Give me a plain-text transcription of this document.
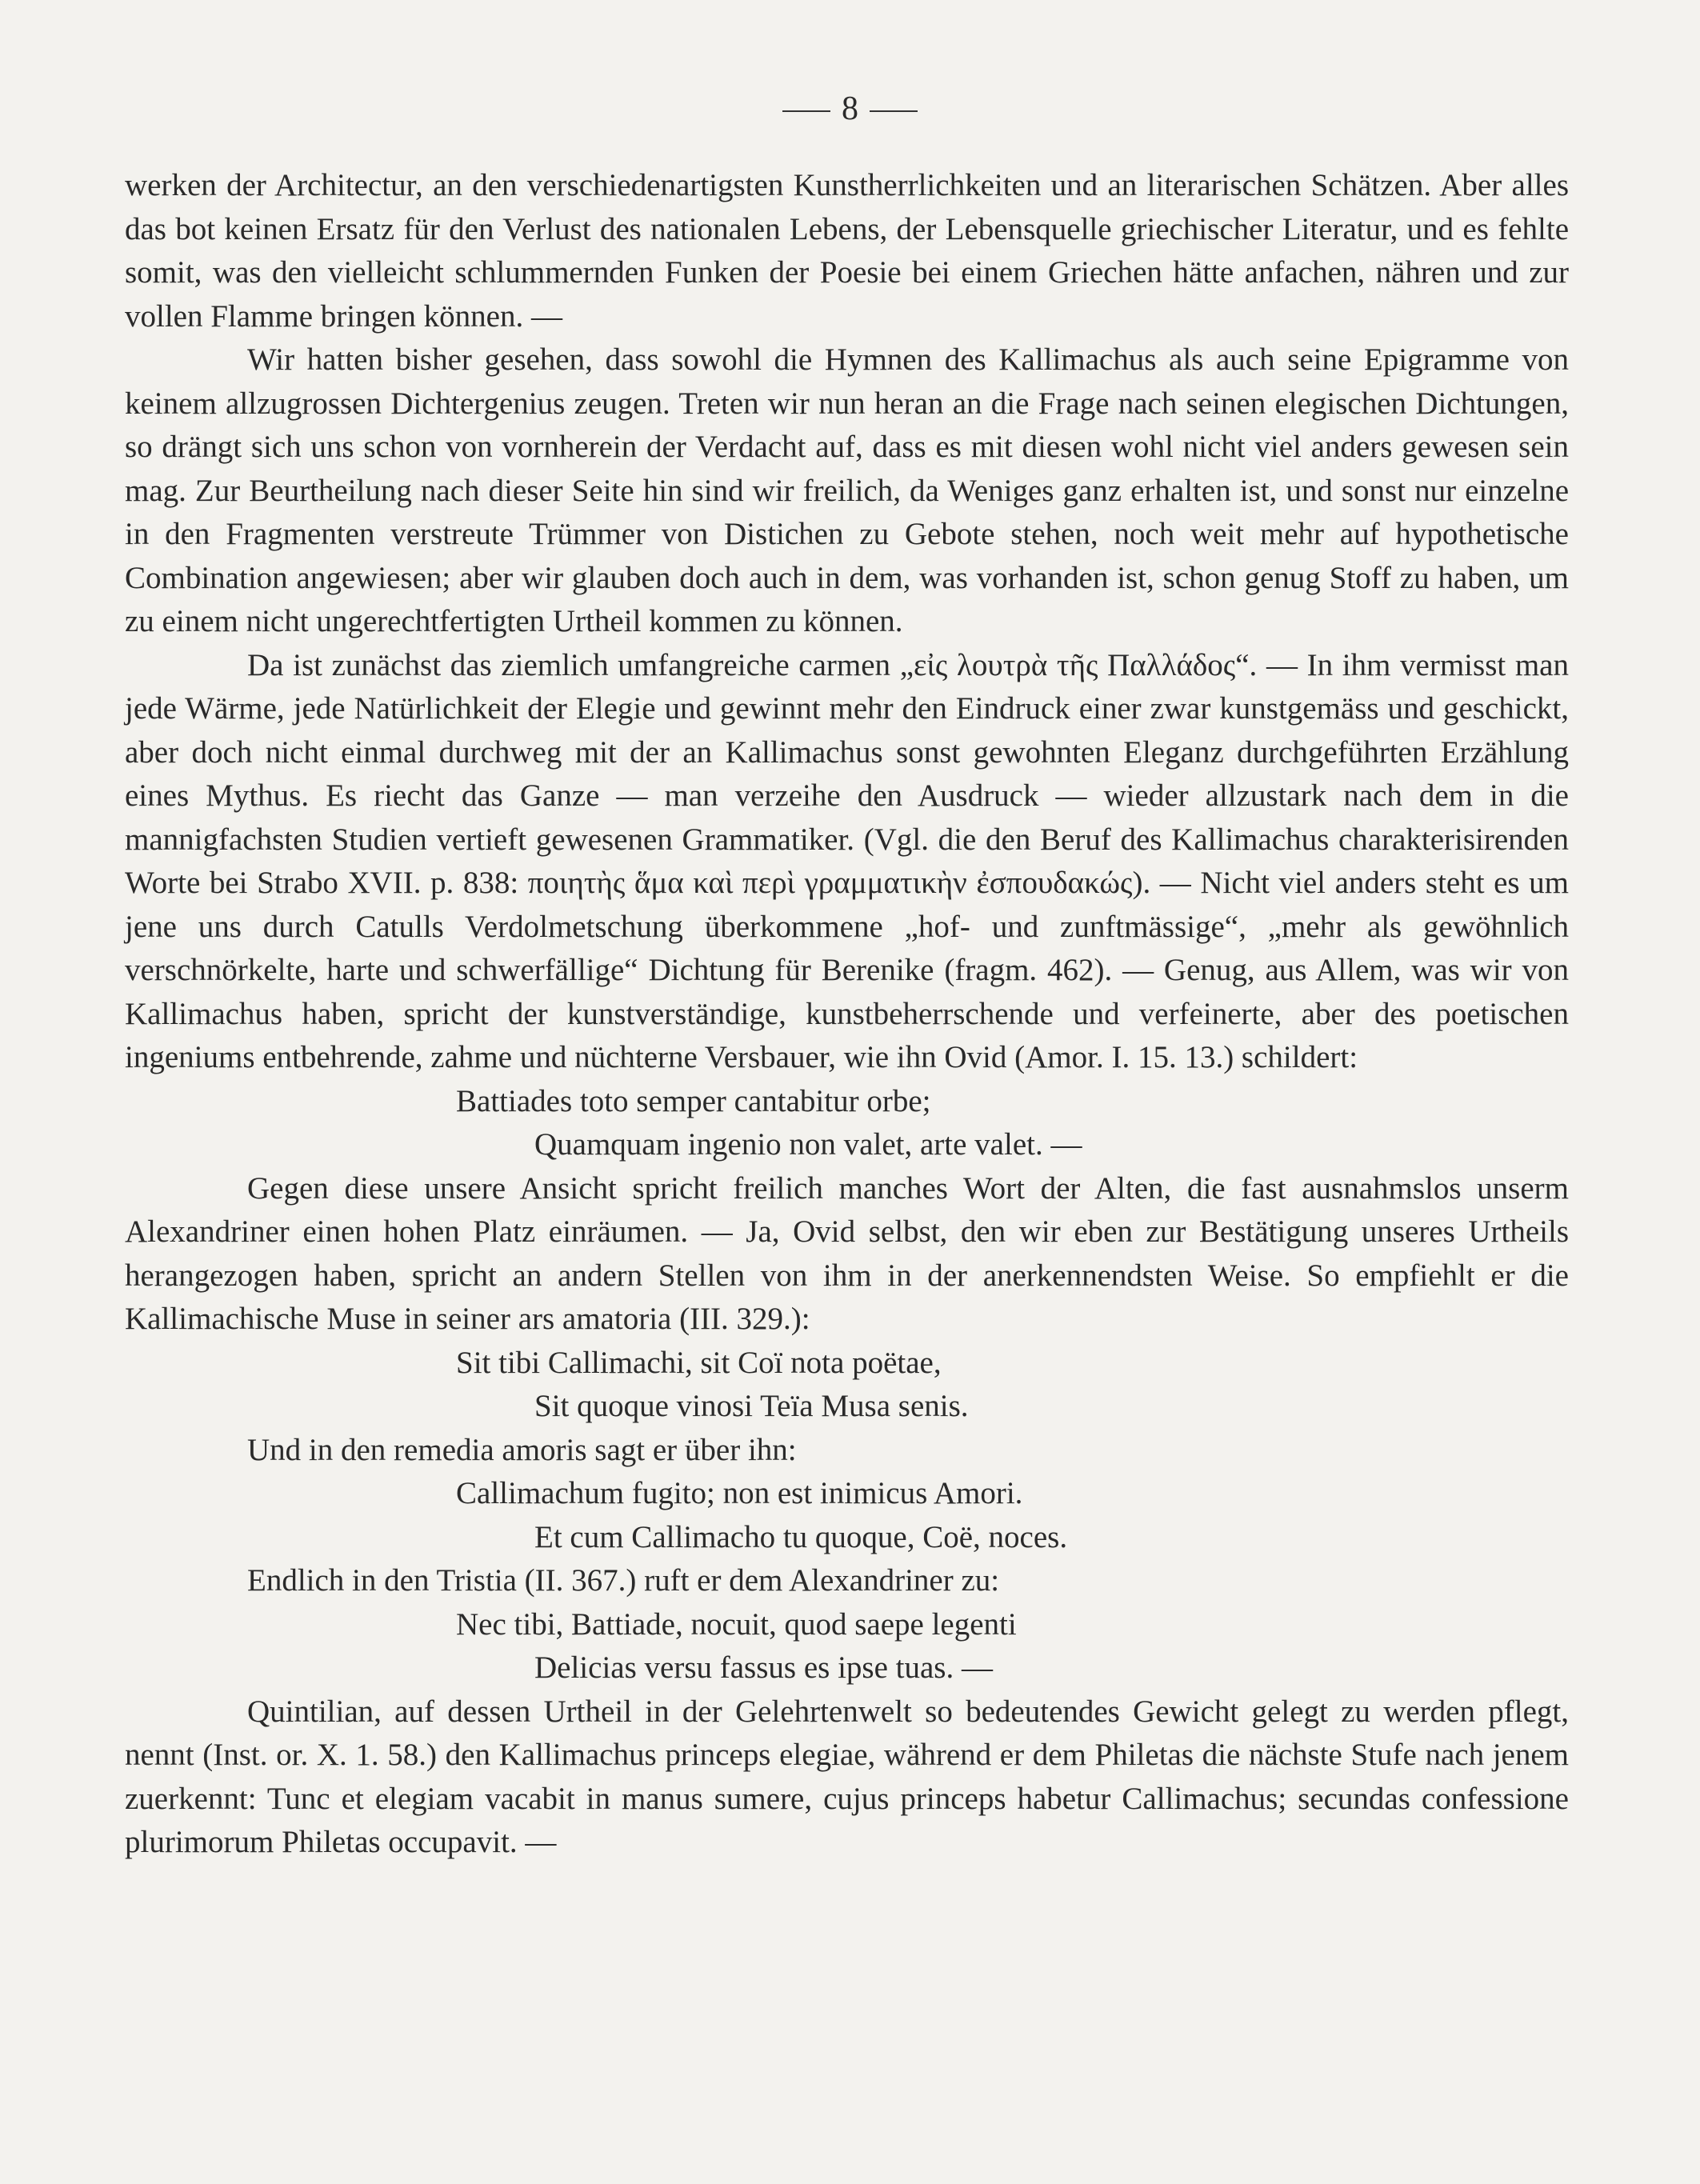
8

werken der Architectur, an den verschiedenartigsten Kunstherrlichkeiten und an literarischen Schätzen. Aber alles das bot keinen Ersatz für den Verlust des nationalen Lebens, der Lebensquelle griechischer Literatur, und es fehlte somit, was den vielleicht schlummernden Funken der Poesie bei einem Griechen hätte anfachen, nähren und zur vollen Flamme bringen können. —

Wir hatten bisher gesehen, dass sowohl die Hymnen des Kallimachus als auch seine Epigramme von keinem allzugrossen Dichtergenius zeugen. Treten wir nun heran an die Frage nach seinen elegischen Dichtungen, so drängt sich uns schon von vornherein der Verdacht auf, dass es mit diesen wohl nicht viel anders gewesen sein mag. Zur Beurtheilung nach dieser Seite hin sind wir freilich, da Weniges ganz erhalten ist, und sonst nur einzelne in den Fragmenten verstreute Trümmer von Distichen zu Gebote stehen, noch weit mehr auf hypothetische Combination angewiesen; aber wir glauben doch auch in dem, was vorhanden ist, schon genug Stoff zu haben, um zu einem nicht ungerechtfertigten Urtheil kommen zu können.

Da ist zunächst das ziemlich umfangreiche carmen „εἰς λουτρὰ τῆς Παλλάδος“. — In ihm vermisst man jede Wärme, jede Natürlichkeit der Elegie und gewinnt mehr den Eindruck einer zwar kunstgemäss und geschickt, aber doch nicht einmal durchweg mit der an Kallimachus sonst gewohnten Eleganz durchgeführten Erzählung eines Mythus. Es riecht das Ganze — man verzeihe den Ausdruck — wieder allzustark nach dem in die mannigfachsten Studien vertieft gewesenen Grammatiker. (Vgl. die den Beruf des Kallimachus charakterisirenden Worte bei Strabo XVII. p. 838: ποιητὴς ἅμα καὶ περὶ γραμματικὴν ἐσπουδακώς). — Nicht viel anders steht es um jene uns durch Catulls Verdolmetschung überkommene „hof- und zunftmässige“, „mehr als gewöhnlich verschnörkelte, harte und schwerfällige“ Dichtung für Berenike (fragm. 462). — Genug, aus Allem, was wir von Kallimachus haben, spricht der kunstverständige, kunstbeherrschende und verfeinerte, aber des poetischen ingeniums entbehrende, zahme und nüchterne Versbauer, wie ihn Ovid (Amor. I. 15. 13.) schildert:

Battiades toto semper cantabitur orbe;
Quamquam ingenio non valet, arte valet. —

Gegen diese unsere Ansicht spricht freilich manches Wort der Alten, die fast ausnahmslos unserm Alexandriner einen hohen Platz einräumen. — Ja, Ovid selbst, den wir eben zur Bestätigung unseres Urtheils herangezogen haben, spricht an andern Stellen von ihm in der anerkennendsten Weise. So empfiehlt er die Kallimachische Muse in seiner ars amatoria (III. 329.):

Sit tibi Callimachi, sit Coï nota poëtae,
Sit quoque vinosi Teïa Musa senis.
Und in den remedia amoris sagt er über ihn:
Callimachum fugito; non est inimicus Amori.
Et cum Callimacho tu quoque, Coë, noces.
Endlich in den Tristia (II. 367.) ruft er dem Alexandriner zu:
Nec tibi, Battiade, nocuit, quod saepe legenti
Delicias versu fassus es ipse tuas. —

Quintilian, auf dessen Urtheil in der Gelehrtenwelt so bedeutendes Gewicht gelegt zu werden pflegt, nennt (Inst. or. X. 1. 58.) den Kallimachus princeps elegiae, während er dem Philetas die nächste Stufe nach jenem zuerkennt: Tunc et elegiam vacabit in manus sumere, cujus princeps habetur Callimachus; secundas confessione plurimorum Philetas occupavit. —
